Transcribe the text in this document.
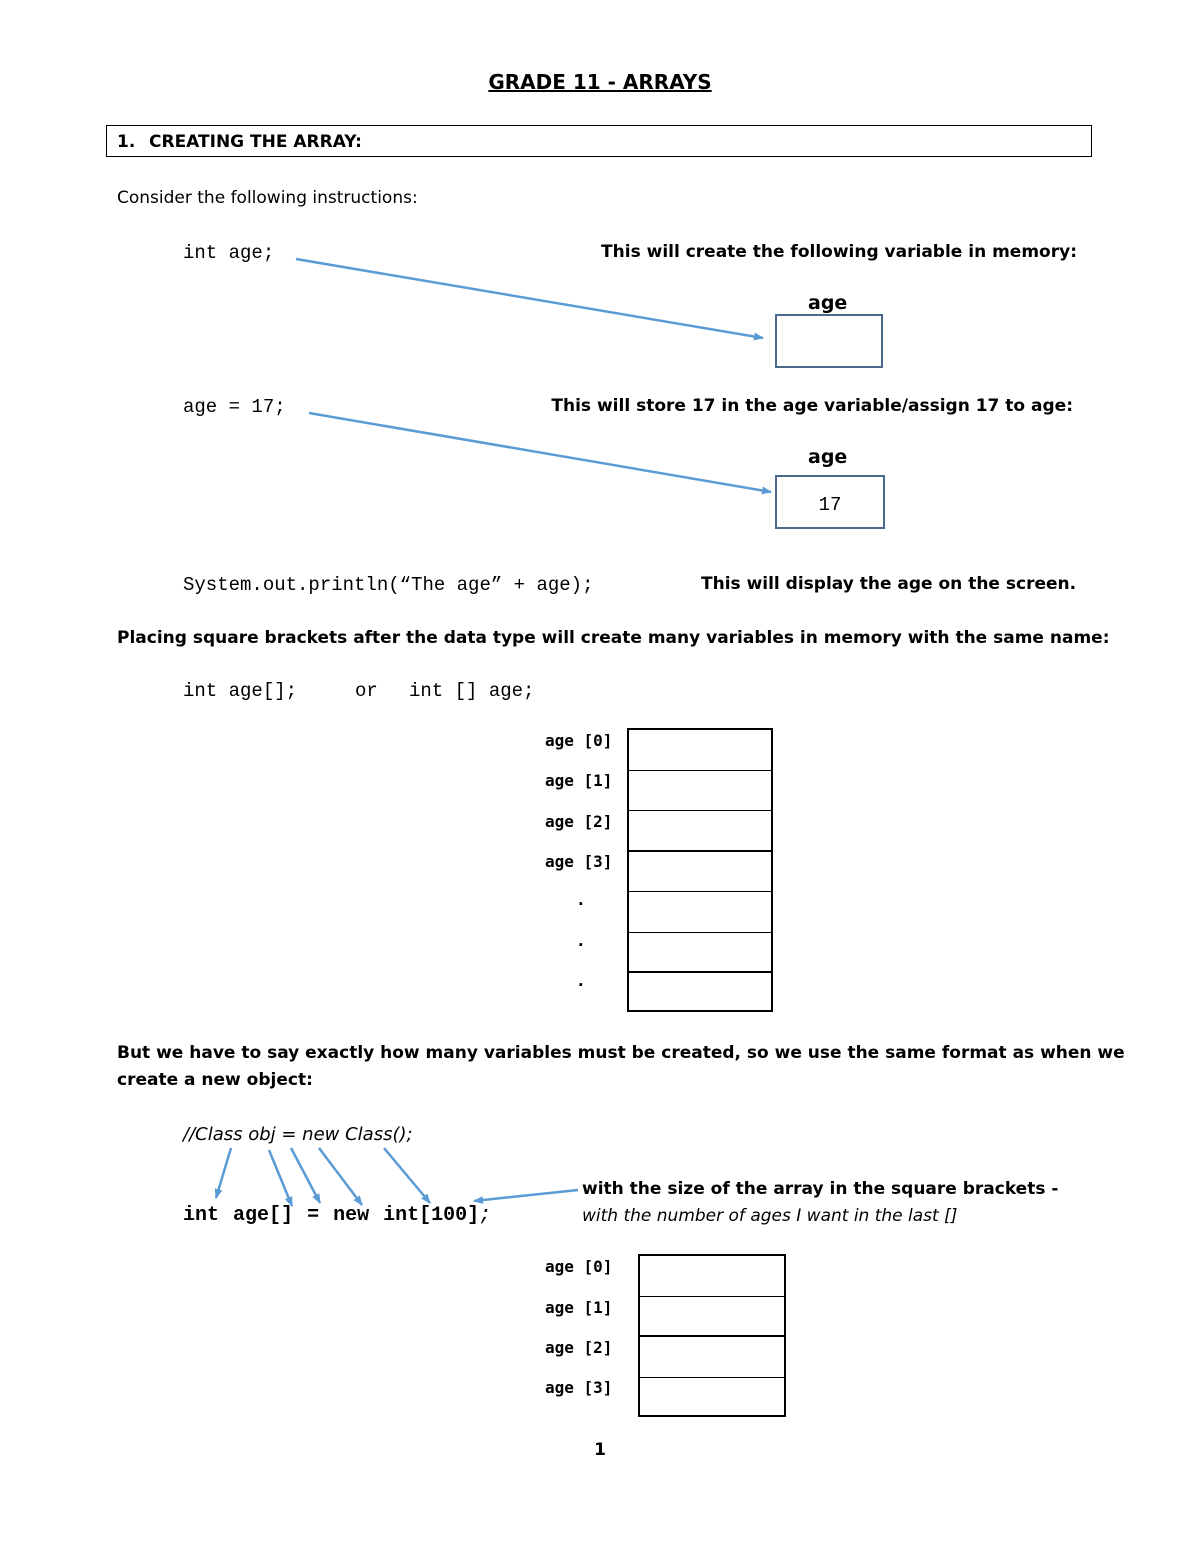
GRADE 11 - ARRAYS
1. CREATING THE ARRAY:
Consider the following instructions:
int age;	This will create the following variable in memory:
age
age = 17;	This will store 17 in the age variable/assign 17 to age:
age
17
System.out.println(“The age” + age);	This will display the age on the screen.
Placing square brackets after the data type will create many variables in memory with the same name:
int age[];	or int [] age;
age [0]
age [1]
age [2]
age [3]
.
.
.
But we have to say exactly how many variables must be created, so we use the same format as when we
create a new object:
//Class obj = new Class();
int age[] = new int[100];
with the size of the array in the square brackets -
with the number of ages I want in the last []
age [0]
age [1]
age [2]
age [3]
1
